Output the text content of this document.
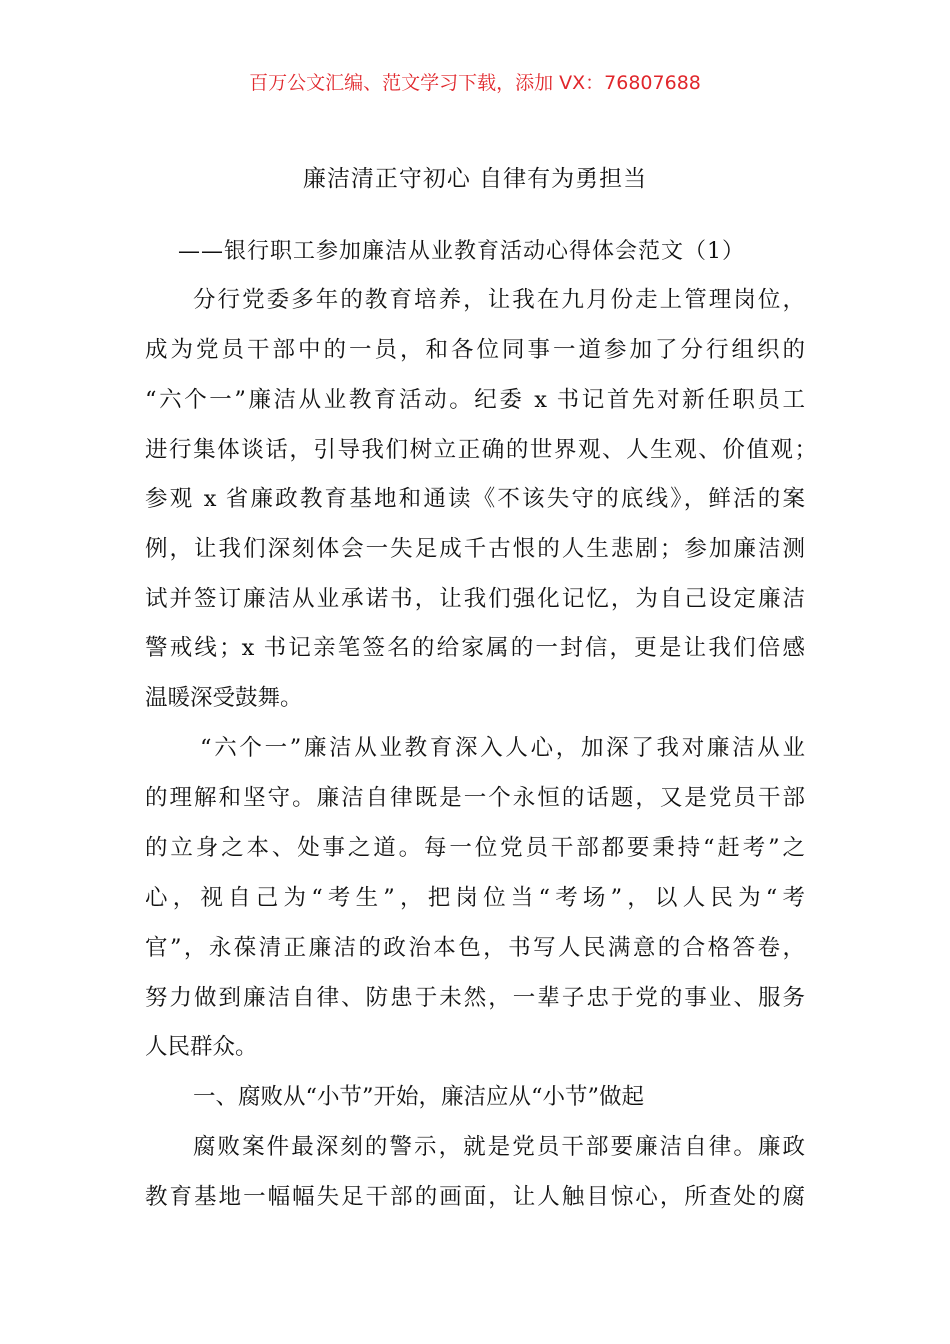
百万公文汇编、范文学习下载，添加 VX：76807688
廉洁清正守初心 自律有为勇担当
——银行职工参加廉洁从业教育活动心得体会范文（1）
分行党委多年的教育培养，让我在九月份走上管理岗位，
成为党员干部中的一员，和各位同事一道参加了分行组织的
“六个一”廉洁从业教育活动。纪委 x 书记首先对新任职员工
进行集体谈话，引导我们树立正确的世界观、人生观、价值观；
参观 x 省廉政教育基地和通读《不该失守的底线》，鲜活的案
例，让我们深刻体会一失足成千古恨的人生悲剧；参加廉洁测
试并签订廉洁从业承诺书，让我们强化记忆，为自己设定廉洁
警戒线；x 书记亲笔签名的给家属的一封信，更是让我们倍感
温暖深受鼓舞。
“六个一”廉洁从业教育深入人心，加深了我对廉洁从业
的理解和坚守。廉洁自律既是一个永恒的话题，又是党员干部
的立身之本、处事之道。每一位党员干部都要秉持“赶考”之
心，视自己为“考生”，把岗位当“考场”，以人民为“考
官”，永葆清正廉洁的政治本色，书写人民满意的合格答卷，
努力做到廉洁自律、防患于未然，一辈子忠于党的事业、服务
人民群众。
一、腐败从“小节”开始，廉洁应从“小节”做起
腐败案件最深刻的警示，就是党员干部要廉洁自律。廉政
教育基地一幅幅失足干部的画面，让人触目惊心，所查处的腐
